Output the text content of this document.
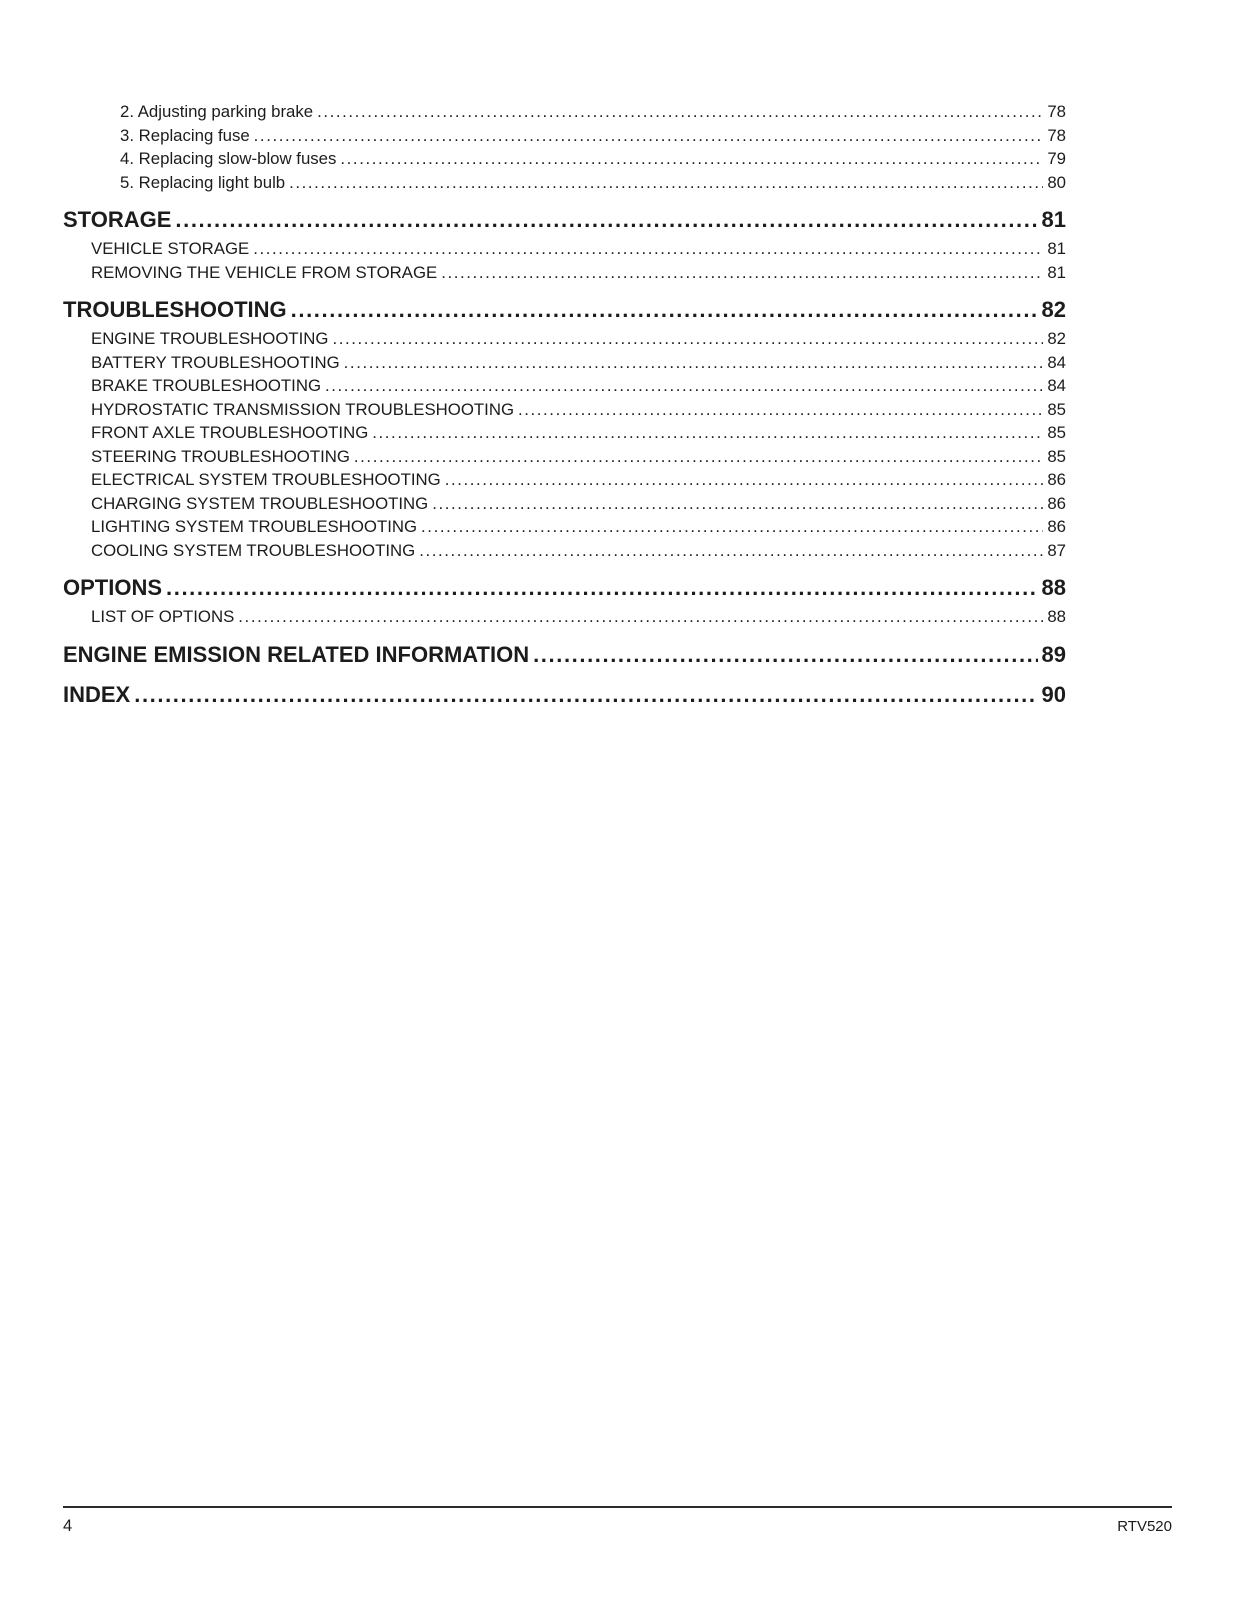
2. Adjusting parking brake .....	78
3. Replacing fuse .....	78
4. Replacing slow-blow fuses .....	79
5. Replacing light bulb .....	80
STORAGE .....	81
VEHICLE STORAGE .....	81
REMOVING THE VEHICLE FROM STORAGE .....	81
TROUBLESHOOTING .....	82
ENGINE TROUBLESHOOTING .....	82
BATTERY TROUBLESHOOTING .....	84
BRAKE TROUBLESHOOTING .....	84
HYDROSTATIC TRANSMISSION TROUBLESHOOTING .....	85
FRONT AXLE TROUBLESHOOTING .....	85
STEERING TROUBLESHOOTING .....	85
ELECTRICAL SYSTEM TROUBLESHOOTING .....	86
CHARGING SYSTEM TROUBLESHOOTING .....	86
LIGHTING SYSTEM TROUBLESHOOTING .....	86
COOLING SYSTEM TROUBLESHOOTING .....	87
OPTIONS .....	88
LIST OF OPTIONS .....	88
ENGINE EMISSION RELATED INFORMATION .....	89
INDEX .....	90
4	RTV520
